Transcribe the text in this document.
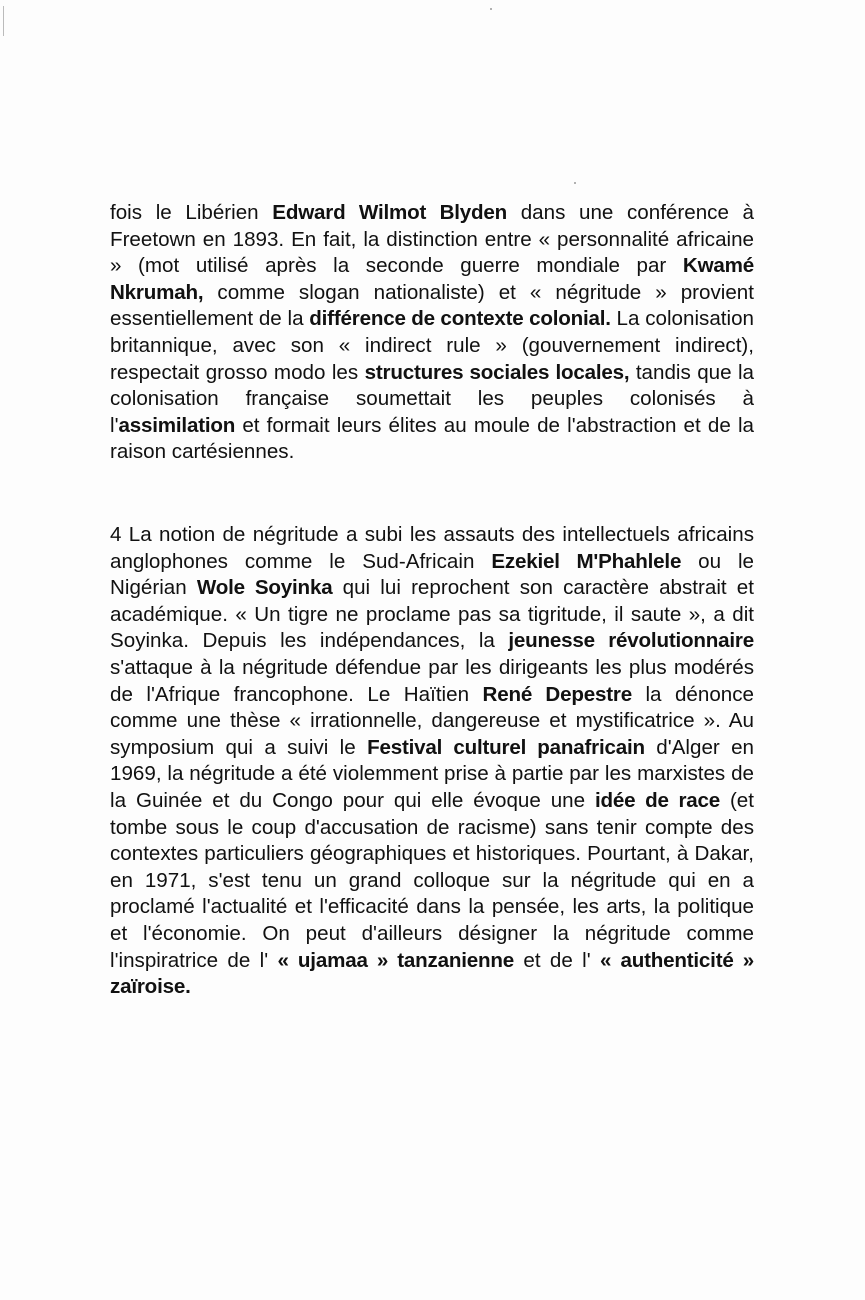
fois le Libérien Edward Wilmot Blyden dans une conférence à Freetown en 1893. En fait, la distinction entre « personnalité africaine » (mot utilisé après la seconde guerre mondiale par Kwamé Nkrumah, comme slogan nationaliste) et « négritude » provient essentiellement de la différence de contexte colonial. La colonisation britannique, avec son « indirect rule » (gouvernement indirect), respectait grosso modo les structures sociales locales, tandis que la colonisation française soumettait les peuples colonisés à l'assimilation et formait leurs élites au moule de l'abstraction et de la raison cartésiennes.

4 La notion de négritude a subi les assauts des intellectuels africains anglophones comme le Sud-Africain Ezekiel M'Phahlele ou le Nigérian Wole Soyinka qui lui reprochent son caractère abstrait et académique. « Un tigre ne proclame pas sa tigritude, il saute », a dit Soyinka. Depuis les indépendances, la jeunesse révolutionnaire s'attaque à la négritude défendue par les dirigeants les plus modérés de l'Afrique francophone. Le Haïtien René Depestre la dénonce comme une thèse « irrationnelle, dangereuse et mystificatrice ». Au symposium qui a suivi le Festival culturel panafricain d'Alger en 1969, la négritude a été violemment prise à partie par les marxistes de la Guinée et du Congo pour qui elle évoque une idée de race (et tombe sous le coup d'accusation de racisme) sans tenir compte des contextes particuliers géographiques et historiques. Pourtant, à Dakar, en 1971, s'est tenu un grand colloque sur la négritude qui en a proclamé l'actualité et l'efficacité dans la pensée, les arts, la politique et l'économie. On peut d'ailleurs désigner la négritude comme l'inspiratrice de l' « ujamaa » tanzanienne et de l' « authenticité » zaïroise.
